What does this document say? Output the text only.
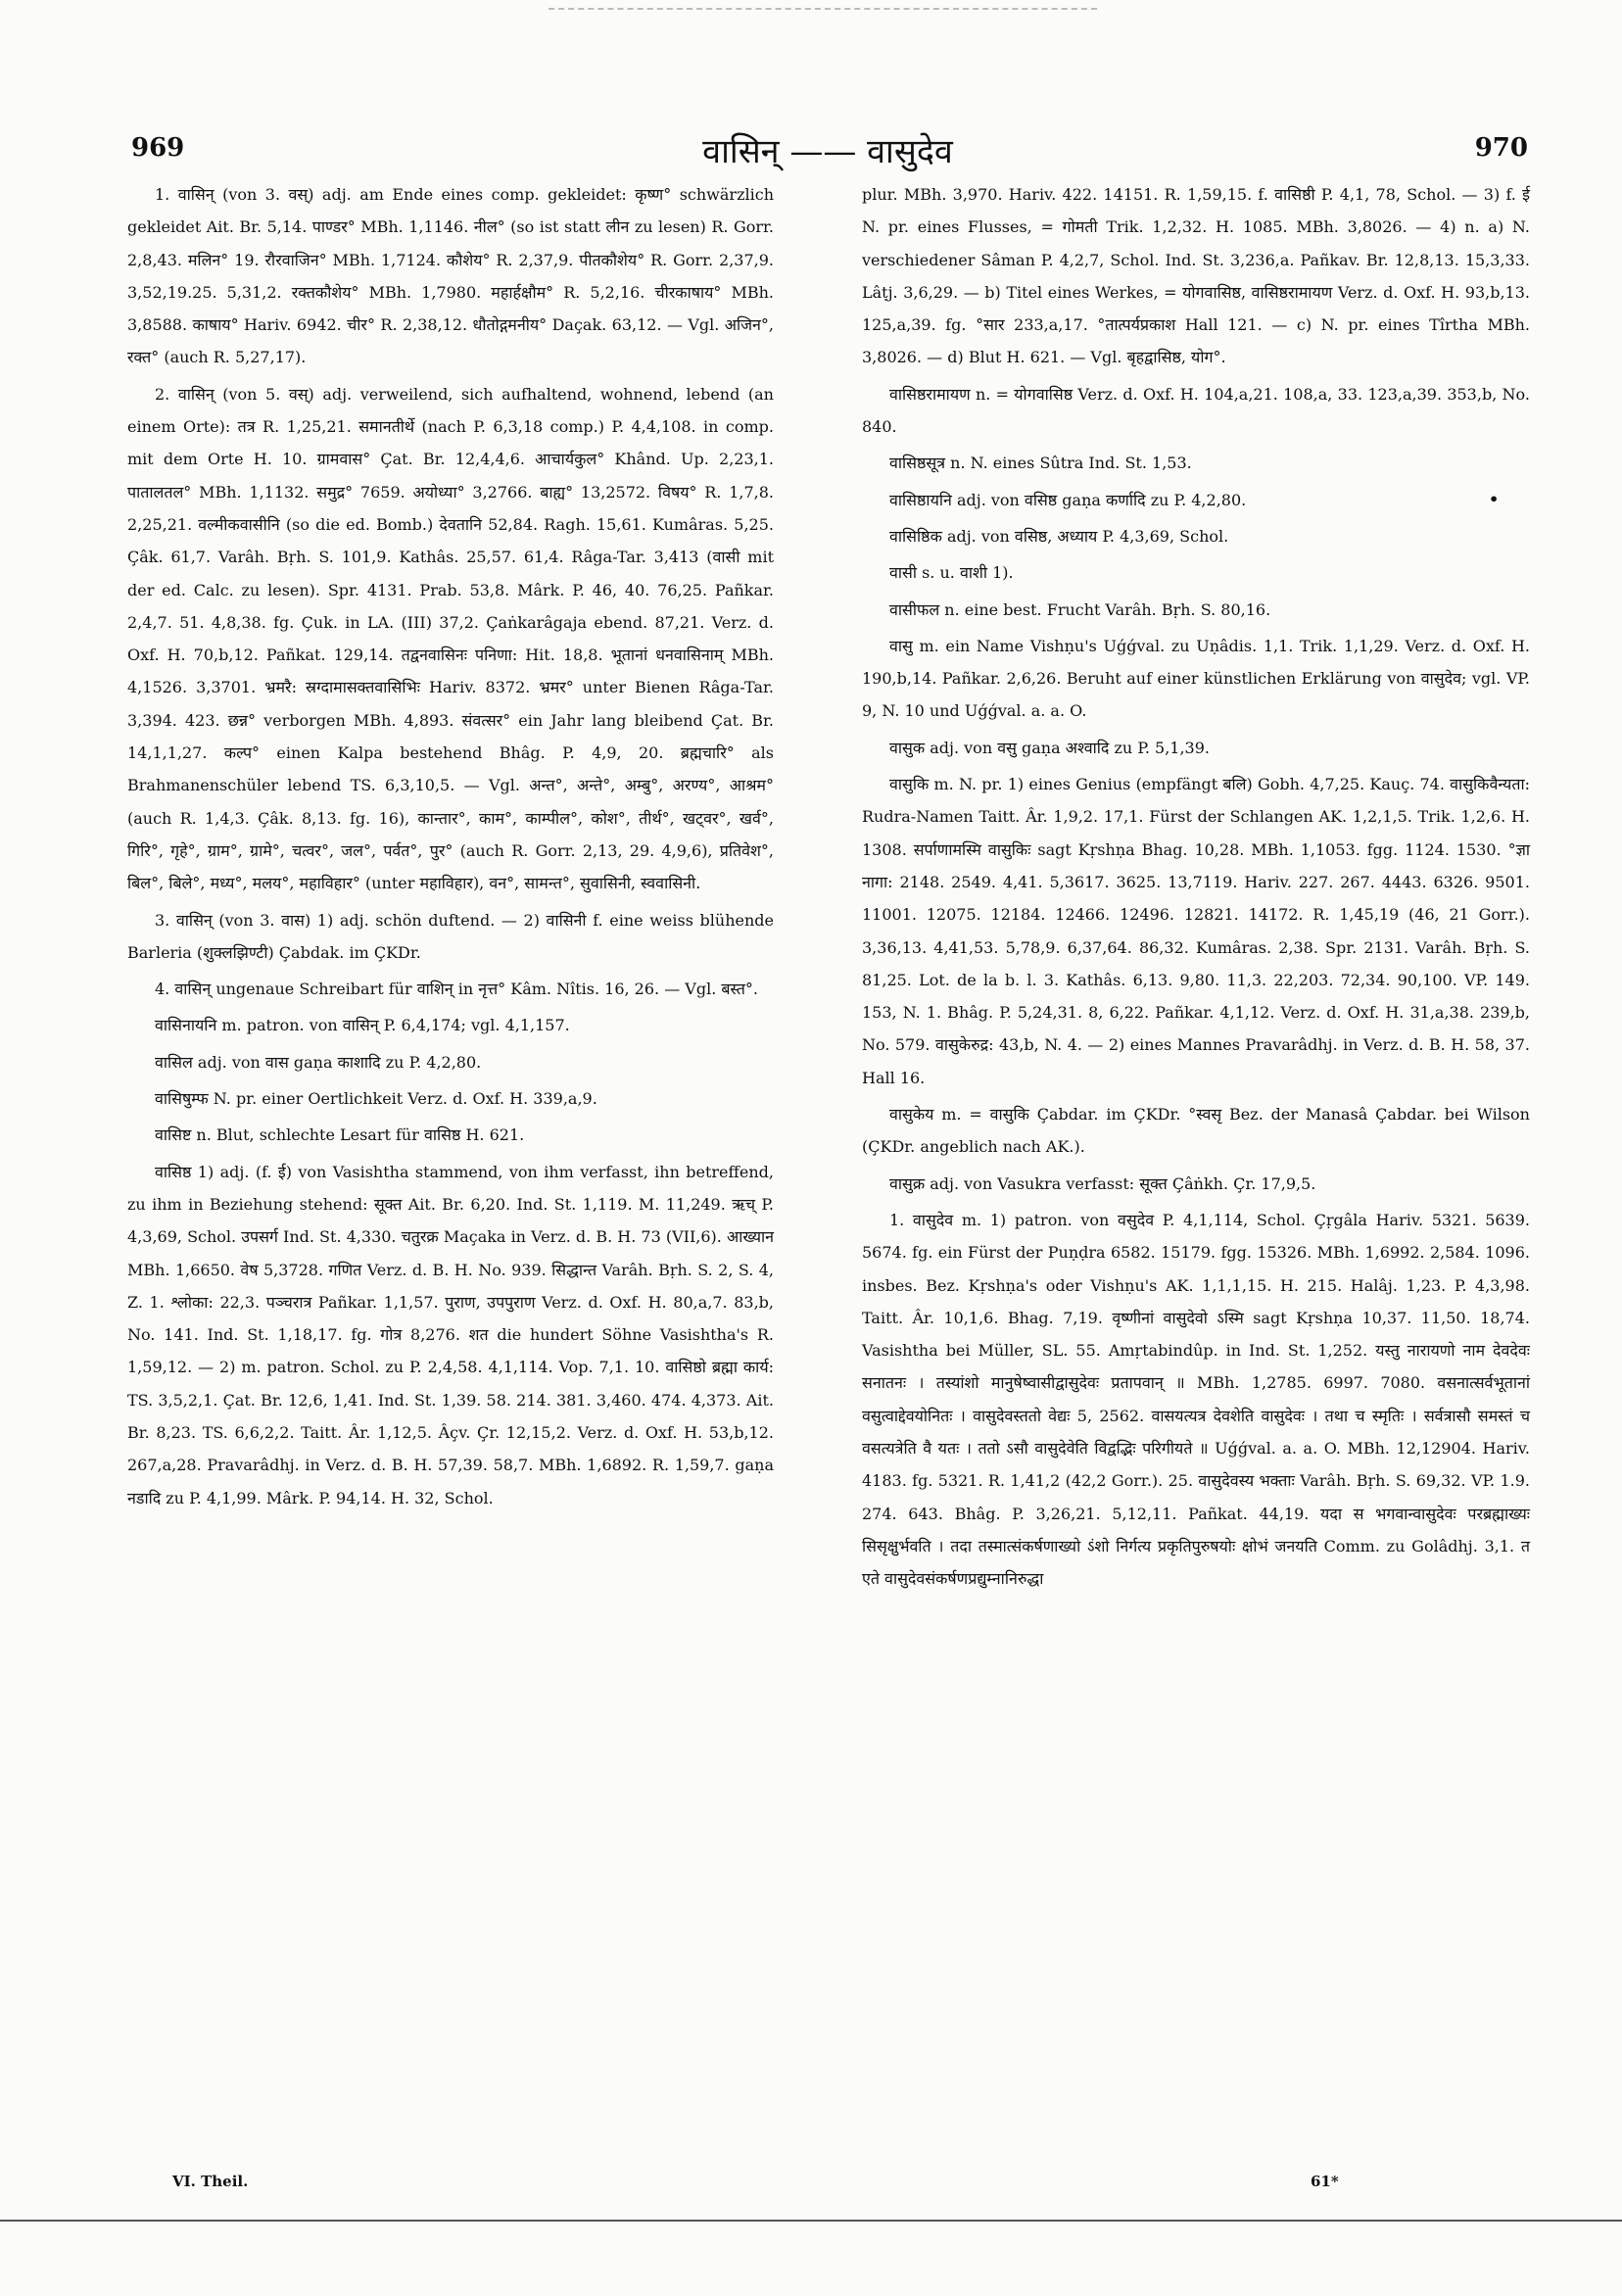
969	वासिन् —— वासुदेव	970

1. वासिन् (von 3. वस्) adj. am Ende eines comp. gekleidet: कृष्ण° schwärzlich gekleidet Ait. Br. 5,14. पाण्डर° MBh. 1,1146. नील° (so ist statt लीन zu lesen) R. Gorr. 2,8,43. मलिन° 19. रौरवाजिन° MBh. 1,7124. कौशेय° R. 2,37,9. पीतकौशेय° R. Gorr. 2,37,9. 3,52,19.25. 5,31,2. रक्तकौशेय° MBh. 1,7980. महार्हक्षौम° R. 5,2,16. चीरकाषाय° MBh. 3,8588. काषाय° Hariv. 6942. चीर° R. 2,38,12. धौतोद्गमनीय° Daçak. 63,12. — Vgl. अजिन°, रक्त° (auch R. 5,27,17).

2. वासिन् (von 5. वस्) adj. verweilend, sich aufhaltend, wohnend, lebend (an einem Orte): तत्र R. 1,25,21. समानतीर्थे (nach P. 6,3,18 comp.) P. 4,4,108. in comp. mit dem Orte H. 10. ग्रामवास° Çat. Br. 12,4,4,6. आचार्यकुल° Khând. Up. 2,23,1. पातालतल° MBh. 1,1132. समुद्र° 7659. अयोध्या° 3,2766. बाह्य° 13,2572. विषय° R. 1,7,8. 2,25,21. वल्मीकवासीनि (so die ed. Bomb.) देवतानि 52,84. Ragh. 15,61. Kumâras. 5,25. Çâk. 61,7. Varâh. Bṛh. S. 101,9. Kathâs. 25,57. 61,4. Râga-Tar. 3,413 (वासी mit der ed. Calc. zu lesen). Spr. 4131. Prab. 53,8. Mârk. P. 46, 40. 76,25. Pañkar. 2,4,7. 51. 4,8,38. fg. Çuk. in LA. (III) 37,2. Çaṅkarâgaja ebend. 87,21. Verz. d. Oxf. H. 70,b,12. Pañkat. 129,14. तद्वनवासिनः पनिणा: Hit. 18,8. भूतानां धनवासिनाम् MBh. 4,1526. 3,3701. भ्रमरै: स्रग्दामासक्तवासिभिः Hariv. 8372. भ्रमर° unter Bienen Râga-Tar. 3,394. 423. छन्न° verborgen MBh. 4,893. संवत्सर° ein Jahr lang bleibend Çat. Br. 14,1,1,27. कल्प° einen Kalpa bestehend Bhâg. P. 4,9, 20. ब्रह्मचारि° als Brahmanenschüler lebend TS. 6,3,10,5. — Vgl. अन्त°, अन्ते°, अम्बु°, अरण्य°, आश्रम° (auch R. 1,4,3. Çâk. 8,13. fg. 16), कान्तार°, काम°, काम्पील°, कोश°, तीर्थ°, खट्वर°, खर्व°, गिरि°, गृहे°, ग्राम°, ग्रामे°, चत्वर°, जल°, पर्वत°, पुर° (auch R. Gorr. 2,13, 29. 4,9,6), प्रतिवेश°, बिल°, बिले°, मध्य°, मलय°, महाविहार° (unter महाविहार), वन°, सामन्त°, सुवासिनी, स्ववासिनी.

3. वासिन् (von 3. वास) 1) adj. schön duftend. — 2) वासिनी f. eine weiss blühende Barleria (शुक्लझिण्टी) Çabdak. im ÇKDr.

4. वासिन् ungenaue Schreibart für वाशिन् in नृत्त° Kâm. Nîtis. 16, 26. — Vgl. बस्त°.

वासिनायनि m. patron. von वासिन् P. 6,4,174; vgl. 4,1,157.

वासिल adj. von वास gaṇa काशादि zu P. 4,2,80.

वासिषुम्फ N. pr. einer Oertlichkeit Verz. d. Oxf. H. 339,a,9.

वासिष्ट n. Blut, schlechte Lesart für वासिष्ठ H. 621.

वासिष्ठ 1) adj. (f. ई) von Vasishtha stammend, von ihm verfasst, ihn betreffend, zu ihm in Beziehung stehend: सूक्त Ait. Br. 6,20. Ind. St. 1,119. M. 11,249. ऋच् P. 4,3,69, Schol. उपसर्ग Ind. St. 4,330. चतुरक्र Maçaka in Verz. d. B. H. 73 (VII,6). आख्यान MBh. 1,6650. वेष 5,3728. गणित Verz. d. B. H. No. 939. सिद्धान्त Varâh. Bṛh. S. 2, S. 4, Z. 1. श्लोका: 22,3. पञ्चरात्र Pañkar. 1,1,57. पुराण, उपपुराण Verz. d. Oxf. H. 80,a,7. 83,b, No. 141. Ind. St. 1,18,17. fg. गोत्र 8,276. शत die hundert Söhne Vasishtha's R. 1,59,12. — 2) m. patron. Schol. zu P. 2,4,58. 4,1,114. Vop. 7,1. 10. वासिष्ठो ब्रह्मा कार्य: TS. 3,5,2,1. Çat. Br. 12,6, 1,41. Ind. St. 1,39. 58. 214. 381. 3,460. 474. 4,373. Ait. Br. 8,23. TS. 6,6,2,2. Taitt. Âr. 1,12,5. Âçv. Çr. 12,15,2. Verz. d. Oxf. H. 53,b,12. 267,a,28. Pravarâdhj. in Verz. d. B. H. 57,39. 58,7. MBh. 1,6892. R. 1,59,7. gaṇa नडादि zu P. 4,1,99. Mârk. P. 94,14. H. 32, Schol.

plur. MBh. 3,970. Hariv. 422. 14151. R. 1,59,15. f. वासिष्ठी P. 4,1, 78, Schol. — 3) f. ई N. pr. eines Flusses, = गोमती Trik. 1,2,32. H. 1085. MBh. 3,8026. — 4) n. a) N. verschiedener Sâman P. 4,2,7, Schol. Ind. St. 3,236,a. Pañkav. Br. 12,8,13. 15,3,33. Lâṭj. 3,6,29. — b) Titel eines Werkes, = योगवासिष्ठ, वासिष्ठरामायण Verz. d. Oxf. H. 93,b,13. 125,a,39. fg. °सार 233,a,17. °तात्पर्यप्रकाश Hall 121. — c) N. pr. eines Tîrtha MBh. 3,8026. — d) Blut H. 621. — Vgl. बृहद्वासिष्ठ, योग°.

वासिष्ठरामायण n. = योगवासिष्ठ Verz. d. Oxf. H. 104,a,21. 108,a, 33. 123,a,39. 353,b, No. 840.

वासिष्ठसूत्र n. N. eines Sûtra Ind. St. 1,53.

वासिष्ठायनि adj. von वसिष्ठ gaṇa कर्णादि zu P. 4,2,80.

वासिष्ठिक adj. von वसिष्ठ, अध्याय P. 4,3,69, Schol.

वासी s. u. वाशी 1).

वासीफल n. eine best. Frucht Varâh. Bṛh. S. 80,16.

वासु m. ein Name Vishṇu's Uǵǵval. zu Uṇâdis. 1,1. Trik. 1,1,29. Verz. d. Oxf. H. 190,b,14. Pañkar. 2,6,26. Beruht auf einer künstlichen Erklärung von वासुदेव; vgl. VP. 9, N. 10 und Uǵǵval. a. a. O.

वासुक adj. von वसु gaṇa अश्वादि zu P. 5,1,39.

वासुकि m. N. pr. 1) eines Genius (empfängt बलि) Gobh. 4,7,25. Kauç. 74. वासुकिवैन्यता: Rudra-Namen Taitt. Âr. 1,9,2. 17,1. Fürst der Schlangen AK. 1,2,1,5. Trik. 1,2,6. H. 1308. सर्पाणामस्मि वासुकिः sagt Kṛshṇa Bhag. 10,28. MBh. 1,1053. fgg. 1124. 1530. °ज्ञा नागा: 2148. 2549. 4,41. 5,3617. 3625. 13,7119. Hariv. 227. 267. 4443. 6326. 9501. 11001. 12075. 12184. 12466. 12496. 12821. 14172. R. 1,45,19 (46, 21 Gorr.). 3,36,13. 4,41,53. 5,78,9. 6,37,64. 86,32. Kumâras. 2,38. Spr. 2131. Varâh. Bṛh. S. 81,25. Lot. de la b. l. 3. Kathâs. 6,13. 9,80. 11,3. 22,203. 72,34. 90,100. VP. 149. 153, N. 1. Bhâg. P. 5,24,31. 8, 6,22. Pañkar. 4,1,12. Verz. d. Oxf. H. 31,a,38. 239,b, No. 579. वासुकेरुद्र: 43,b, N. 4. — 2) eines Mannes Pravarâdhj. in Verz. d. B. H. 58, 37. Hall 16.

वासुकेय m. = वासुकि Çabdar. im ÇKDr. °स्वसृ Bez. der Manasâ Çabdar. bei Wilson (ÇKDr. angeblich nach AK.).

वासुक्र adj. von Vasukra verfasst: सूक्त Çâṅkh. Çr. 17,9,5.

1. वासुदेव m. 1) patron. von वसुदेव P. 4,1,114, Schol. Çṛgâla Hariv. 5321. 5639. 5674. fg. ein Fürst der Puṇḍra 6582. 15179. fgg. 15326. MBh. 1,6992. 2,584. 1096. insbes. Bez. Kṛshṇa's oder Vishṇu's AK. 1,1,1,15. H. 215. Halâj. 1,23. P. 4,3,98. Taitt. Âr. 10,1,6. Bhag. 7,19. वृष्णीनां वासुदेवो ऽस्मि sagt Kṛshṇa 10,37. 11,50. 18,74. Vasishtha bei Müller, SL. 55. Amṛtabindûp. in Ind. St. 1,252. यस्तु नारायणो नाम देवदेवः सनातनः । तस्यांशो मानुषेष्वासीद्वासुदेवः प्रतापवान् ॥ MBh. 1,2785. 6997. 7080. वसनात्सर्वभूतानां वसुत्वाद्देवयोनितः । वासुदेवस्ततो वेद्यः 5, 2562. वासयत्यत्र देवशेति वासुदेवः । तथा च स्मृतिः । सर्वत्रासौ समस्तं च वसत्यत्रेति वै यतः । ततो ऽसौ वासुदेवेति विद्वद्भिः परिगीयते ॥ Uǵǵval. a. a. O. MBh. 12,12904. Hariv. 4183. fg. 5321. R. 1,41,2 (42,2 Gorr.). 25. वासुदेवस्य भक्ताः Varâh. Bṛh. S. 69,32. VP. 1.9. 274. 643. Bhâg. P. 3,26,21. 5,12,11. Pañkat. 44,19. यदा स भगवान्वासुदेवः परब्रह्माख्यः सिसृक्षुर्भवति । तदा तस्मात्संकर्षणाख्यो ऽंशो निर्गत्य प्रकृतिपुरुषयोः क्षोभं जनयति Comm. zu Golâdhj. 3,1. त एते वासुदेवसंकर्षणप्रद्युम्नानिरुद्धा

•
VI. Theil.	61*
